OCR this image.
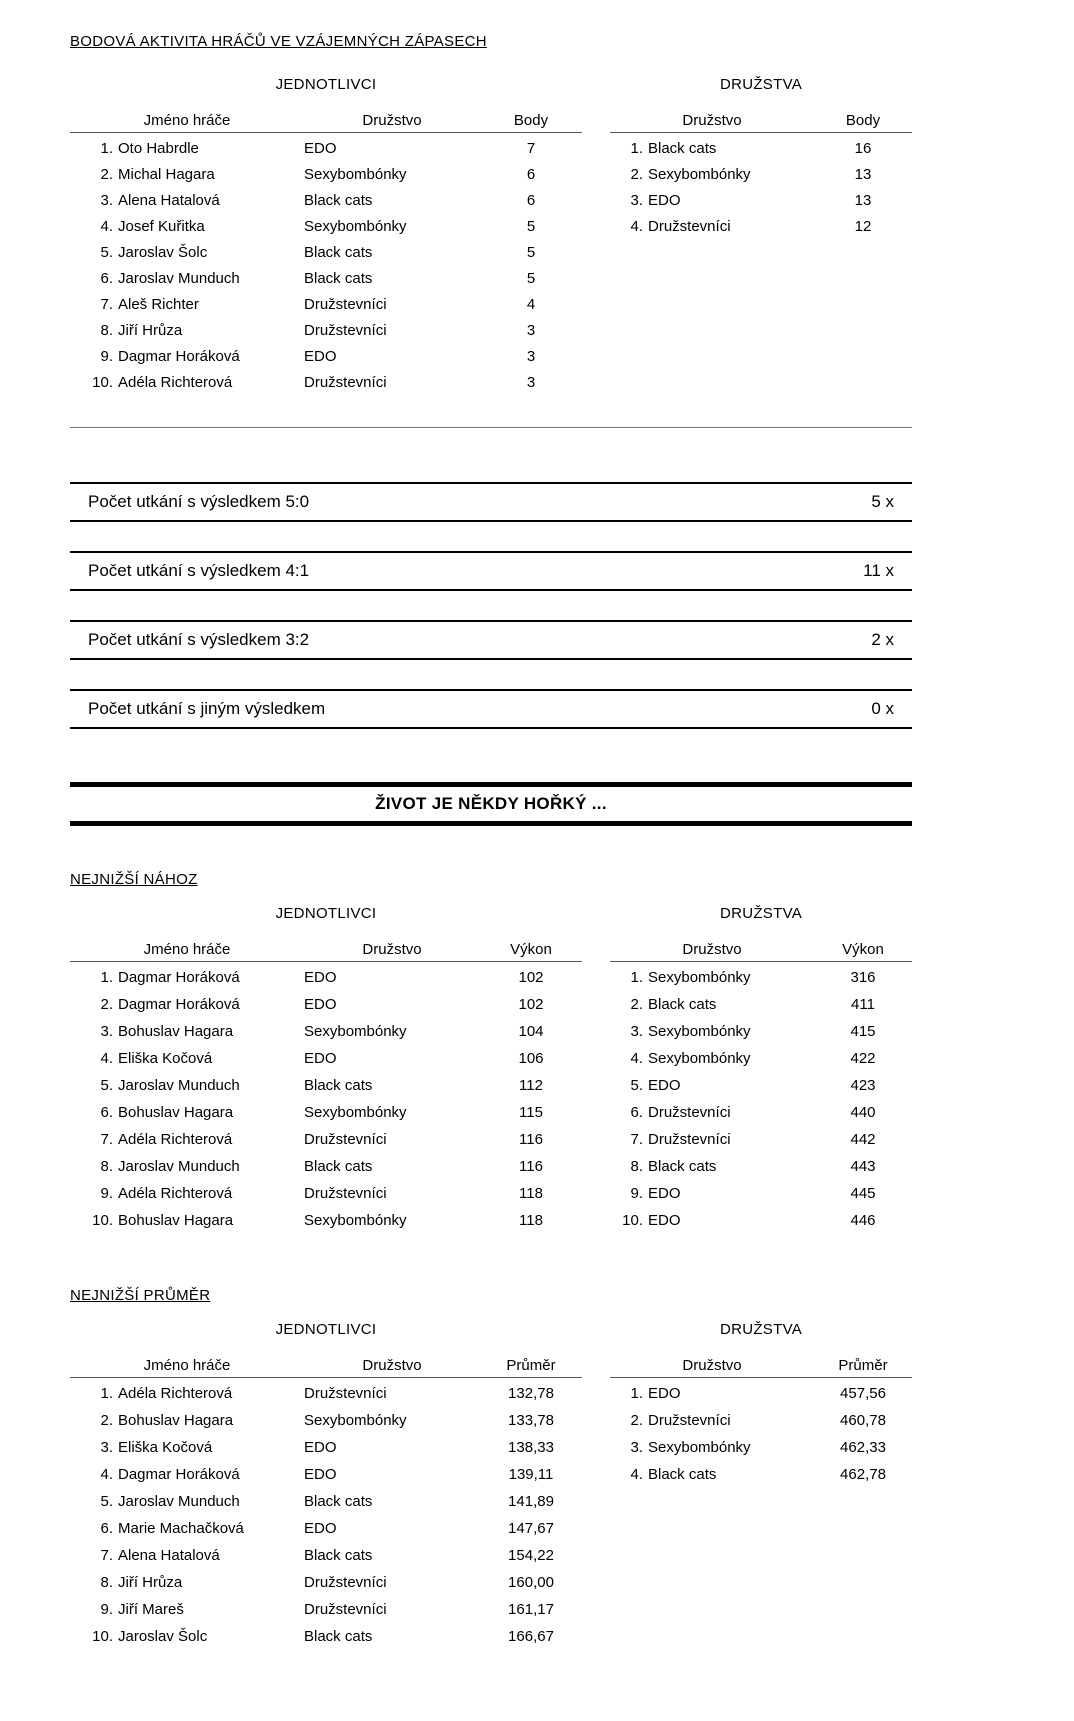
BODOVÁ AKTIVITA HRÁČŮ VE VZÁJEMNÝCH ZÁPASECH
JEDNOTLIVCI
Jméno hráče	Družstvo	Body
1. Oto Habrdle	EDO	7
2. Michal Hagara	Sexybombónky	6
3. Alena Hatalová	Black cats	6
4. Josef Kuřitka	Sexybombónky	5
5. Jaroslav Šolc	Black cats	5
6. Jaroslav Munduch	Black cats	5
7. Aleš Richter	Družstevníci	4
8. Jiří Hrůza	Družstevníci	3
9. Dagmar Horáková	EDO	3
10. Adéla Richterová	Družstevníci	3
DRUŽSTVA
Družstvo	Body
1. Black cats	16
2. Sexybombónky	13
3. EDO	13
4. Družstevníci	12
Počet utkání s výsledkem 5:0	5 x
Počet utkání s výsledkem 4:1	11 x
Počet utkání s výsledkem 3:2	2 x
Počet utkání s jiným výsledkem	0 x
ŽIVOT JE NĚKDY HOŘKÝ ...
NEJNIŽŠÍ NÁHOZ
JEDNOTLIVCI
Jméno hráče	Družstvo	Výkon
1. Dagmar Horáková	EDO	102
2. Dagmar Horáková	EDO	102
3. Bohuslav Hagara	Sexybombónky	104
4. Eliška Kočová	EDO	106
5. Jaroslav Munduch	Black cats	112
6. Bohuslav Hagara	Sexybombónky	115
7. Adéla Richterová	Družstevníci	116
8. Jaroslav Munduch	Black cats	116
9. Adéla Richterová	Družstevníci	118
10. Bohuslav Hagara	Sexybombónky	118
DRUŽSTVA
Družstvo	Výkon
1. Sexybombónky	316
2. Black cats	411
3. Sexybombónky	415
4. Sexybombónky	422
5. EDO	423
6. Družstevníci	440
7. Družstevníci	442
8. Black cats	443
9. EDO	445
10. EDO	446
NEJNIŽŠÍ PRŮMĚR
JEDNOTLIVCI
Jméno hráče	Družstvo	Průměr
1. Adéla Richterová	Družstevníci	132,78
2. Bohuslav Hagara	Sexybombónky	133,78
3. Eliška Kočová	EDO	138,33
4. Dagmar Horáková	EDO	139,11
5. Jaroslav Munduch	Black cats	141,89
6. Marie Machačková	EDO	147,67
7. Alena Hatalová	Black cats	154,22
8. Jiří Hrůza	Družstevníci	160,00
9. Jiří Mareš	Družstevníci	161,17
10. Jaroslav Šolc	Black cats	166,67
DRUŽSTVA
Družstvo	Průměr
1. EDO	457,56
2. Družstevníci	460,78
3. Sexybombónky	462,33
4. Black cats	462,78
